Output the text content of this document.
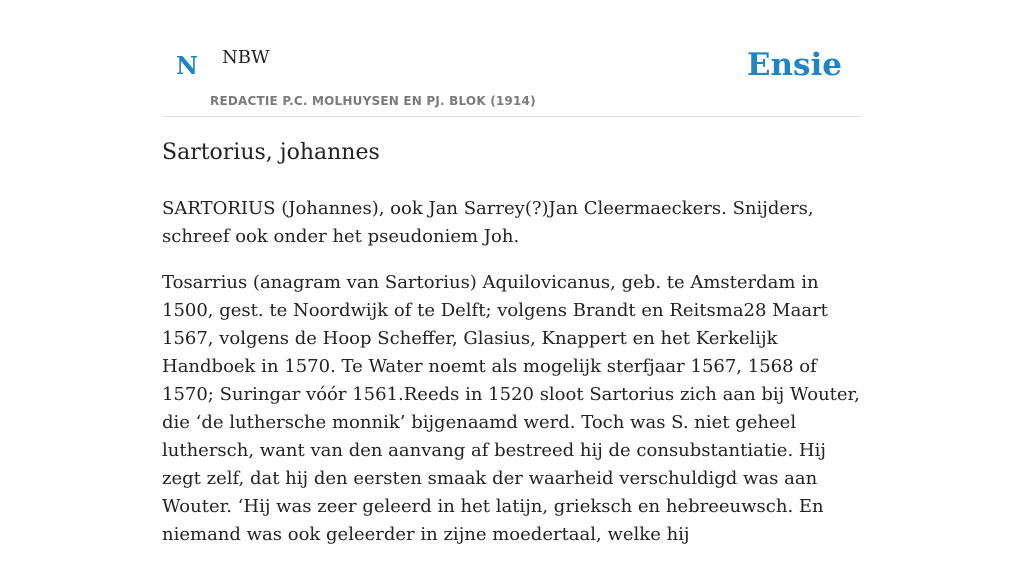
N NBW
REDACTIE P.C. MOLHUYSEN EN PJ. BLOK (1914)
Ensie
Sartorius, johannes

SARTORIUS (Johannes), ook Jan Sarrey(?)Jan Cleermaeckers. Snijders, schreef ook onder het pseudoniem Joh.

Tosarrius (anagram van Sartorius) Aquilovicanus, geb. te Amsterdam in 1500, gest. te Noordwijk of te Delft; volgens Brandt en Reitsma28 Maart 1567, volgens de Hoop Scheffer, Glasius, Knappert en het Kerkelijk Handboek in 1570. Te Water noemt als mogelijk sterfjaar 1567, 1568 of 1570; Suringar vóór 1561.Reeds in 1520 sloot Sartorius zich aan bij Wouter, die ‘de luthersche monnik’ bijgenaamd werd. Toch was S. niet geheel luthersch, want van den aanvang af bestreed hij de consubstantiatie. Hij zegt zelf, dat hij den eersten smaak der waarheid verschuldigd was aan Wouter. ‘Hij was zeer geleerd in het latijn, grieksch en hebreeuwsch. En niemand was ook geleerder in zijne moedertaal, welke hij
